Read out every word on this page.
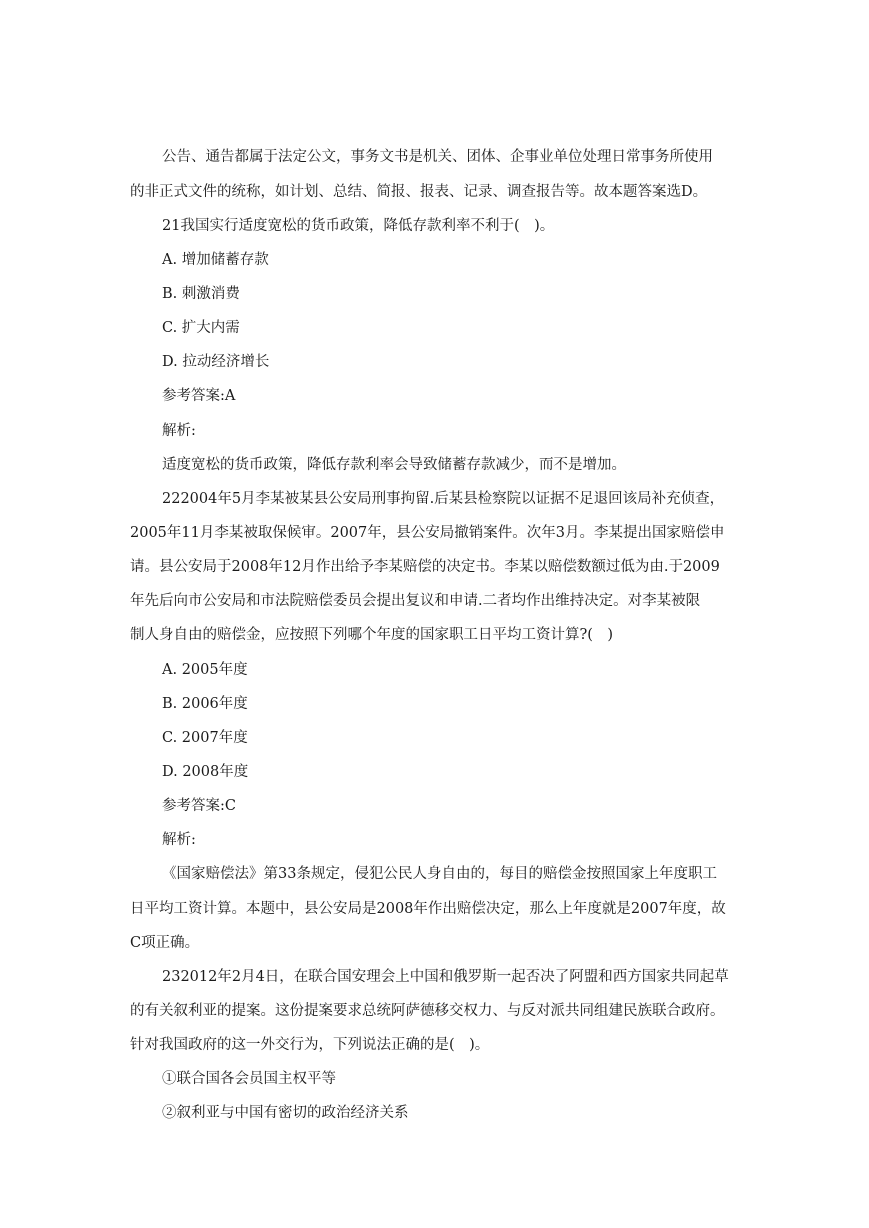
公告、通告都属于法定公文，事务文书是机关、团体、企事业单位处理日常事务所使用
的非正式文件的统称，如计划、总结、简报、报表、记录、调查报告等。故本题答案选D。
21我国实行适度宽松的货币政策，降低存款利率不利于(　)。
A. 增加储蓄存款
B. 刺激消费
C. 扩大内需
D. 拉动经济增长
参考答案:A
解析:
适度宽松的货币政策，降低存款利率会导致储蓄存款减少，而不是增加。
222004年5月李某被某县公安局刑事拘留.后某县检察院以证据不足退回该局补充侦查，
2005年11月李某被取保候审。2007年，县公安局撤销案件。次年3月。李某提出国家赔偿申
请。县公安局于2008年12月作出给予李某赔偿的决定书。李某以赔偿数额过低为由.于2009
年先后向市公安局和市法院赔偿委员会提出复议和申请.二者均作出维持决定。对李某被限
制人身自由的赔偿金，应按照下列哪个年度的国家职工日平均工资计算?(　)
A. 2005年度
B. 2006年度
C. 2007年度
D. 2008年度
参考答案:C
解析:
《国家赔偿法》第33条规定，侵犯公民人身自由的，每目的赔偿金按照国家上年度职工
日平均工资计算。本题中，县公安局是2008年作出赔偿决定，那么上年度就是2007年度，故
C项正确。
232012年2月4日，在联合国安理会上中国和俄罗斯一起否决了阿盟和西方国家共同起草
的有关叙利亚的提案。这份提案要求总统阿萨德移交权力、与反对派共同组建民族联合政府。
针对我国政府的这一外交行为，下列说法正确的是(　)。
①联合国各会员国主权平等
②叙利亚与中国有密切的政治经济关系
